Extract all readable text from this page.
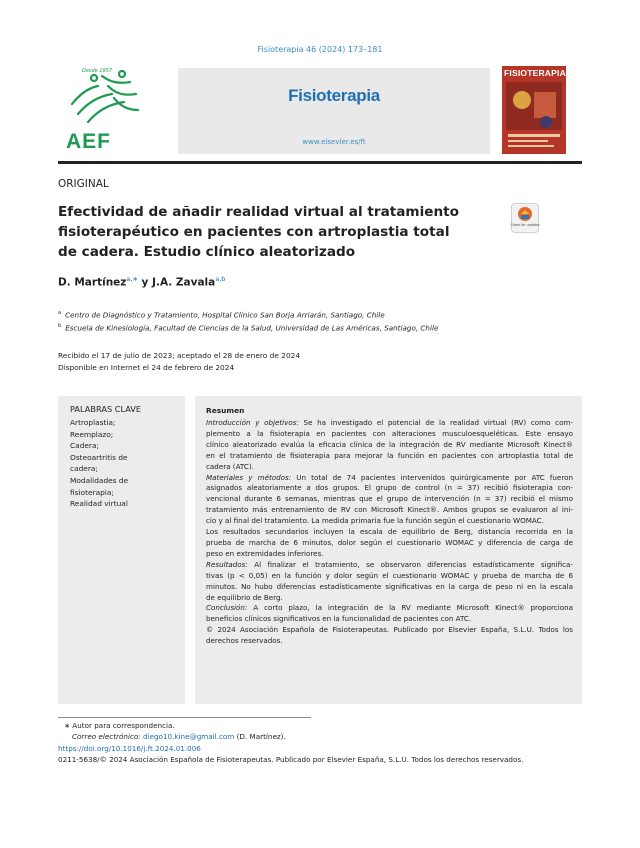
Fisioterapia 46 (2024) 173–181
Desde 1957
AEF
Fisioterapia
www.elsevier.es/ft
FISIOTERAPIA
ORIGINAL
Efectividad de añadir realidad virtual al tratamiento
fisioterapéutico en pacientes con artroplastia total
de cadera. Estudio clínico aleatorizado
Check for updates
D. Martínez$^{a,∗}$ y J.A. Zavala$^{a,b}$
$^a$ Centro de Diagnóstico y Tratamiento, Hospital Clínico San Borja Arriarán, Santiago, Chile
$^b$ Escuela de Kinesiología, Facultad de Ciencias de la Salud, Universidad de Las Américas, Santiago, Chile
Recibido el 17 de julio de 2023; aceptado el 28 de enero de 2024
Disponible en Internet el 24 de febrero de 2024
PALABRAS CLAVE
Artroplastia;
Reemplazo;
Cadera;
Osteoartritis de
cadera;
Modalidades de
fisioterapia;
Realidad virtual
Resumen
Introducción y objetivos: Se ha investigado el potencial de la realidad virtual (RV) como com-
plemento a la fisioterapia en pacientes con alteraciones musculoesqueléticas. Este ensayo
clínico aleatorizado evalúa la eficacia clínica de la integración de RV mediante Microsoft Kinect®
en el tratamiento de fisioterapia para mejorar la función en pacientes con artroplastia total de
cadera (ATC).
Materiales y métodos: Un total de 74 pacientes intervenidos quirúrgicamente por ATC fueron
asignados aleatoriamente a dos grupos. El grupo de control (n = 37) recibió fisioterapia con-
vencional durante 6 semanas, mientras que el grupo de intervención (n = 37) recibió el mismo
tratamiento más entrenamiento de RV con Microsoft Kinect®. Ambos grupos se evaluaron al ini-
cio y al final del tratamiento. La medida primaria fue la función según el cuestionario WOMAC.
Los resultados secundarios incluyen la escala de equilibrio de Berg, distancia recorrida en la
prueba de marcha de 6 minutos, dolor según el cuestionario WOMAC y diferencia de carga de
peso en extremidades inferiores.
Resultados: Al finalizar el tratamiento, se observaron diferencias estadísticamente significa-
tivas (p < 0,05) en la función y dolor según el cuestionario WOMAC y prueba de marcha de 6
minutos. No hubo diferencias estadísticamente significativas en la carga de peso ni en la escala
de equilibrio de Berg.
Conclusión: A corto plazo, la integración de la RV mediante Microsoft Kinect® proporciona
beneficios clínicos significativos en la funcionalidad de pacientes con ATC.
© 2024 Asociación Española de Fisioterapeutas. Publicado por Elsevier España, S.L.U. Todos los
derechos reservados.
∗ Autor para correspondencia.
Correo electrónico: diego10.kine@gmail.com (D. Martínez).
https://doi.org/10.1016/j.ft.2024.01.006
0211-5638/© 2024 Asociación Española de Fisioterapeutas. Publicado por Elsevier España, S.L.U. Todos los derechos reservados.
